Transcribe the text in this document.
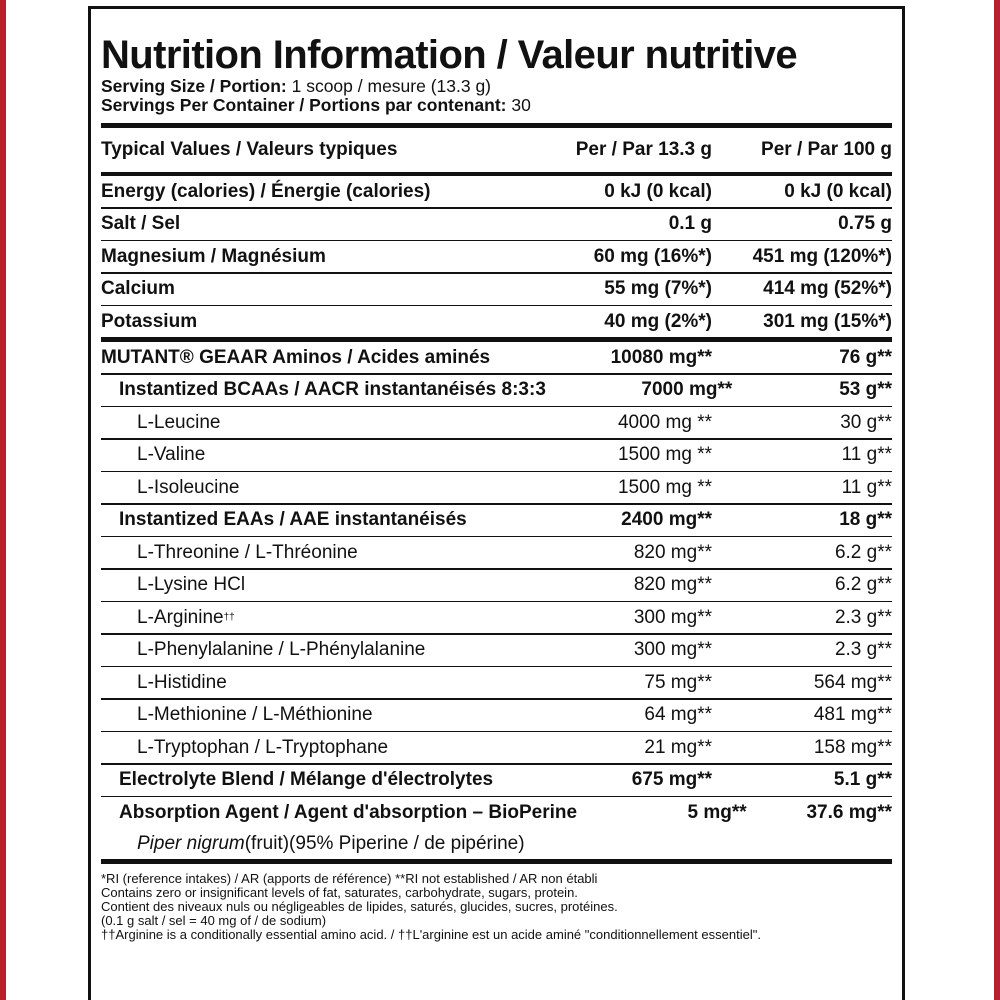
Nutrition Information / Valeur nutritive
Serving Size / Portion: 1 scoop / mesure (13.3 g)
Servings Per Container / Portions par contenant: 30
Typical Values / Valeurs typiques	Per / Par 13.3 g	Per / Par 100 g
Energy (calories) / Énergie (calories)	0 kJ (0 kcal)	0 kJ (0 kcal)
Salt / Sel	0.1 g	0.75 g
Magnesium / Magnésium	60 mg (16%*)	451 mg (120%*)
Calcium	55 mg (7%*)	414 mg (52%*)
Potassium	40 mg (2%*)	301 mg (15%*)
MUTANT® GEAAR Aminos / Acides aminés	10080 mg**	76 g**
Instantized BCAAs / AACR instantanéisés 8:3:3	7000 mg**	53 g**
L-Leucine	4000 mg **	30 g**
L-Valine	1500 mg **	11 g**
L-Isoleucine	1500 mg **	11 g**
Instantized EAAs / AAE instantanéisés	2400 mg**	18 g**
L-Threonine / L-Thréonine	820 mg**	6.2 g**
L-Lysine HCl	820 mg**	6.2 g**
L-Arginine ††	300 mg**	2.3 g**
L-Phenylalanine / L-Phénylalanine	300 mg**	2.3 g**
L-Histidine	75 mg**	564 mg**
L-Methionine / L-Méthionine	64 mg**	481 mg**
L-Tryptophan / L-Tryptophane	21 mg**	158 mg**
Electrolyte Blend / Mélange d'électrolytes	675 mg**	5.1 g**
Absorption Agent / Agent d'absorption – BioPerine	5 mg**	37.6 mg**
Piper nigrum(fruit)(95% Piperine / de pipérine)
*RI (reference intakes) / AR (apports de référence) **RI not established / AR non établi
Contains zero or insignificant levels of fat, saturates, carbohydrate, sugars, protein.
Contient des niveaux nuls ou négligeables de lipides, saturés, glucides, sucres, protéines.
(0.1 g salt / sel = 40 mg of / de sodium)
††Arginine is a conditionally essential amino acid. / ††L'arginine est un acide aminé "conditionnellement essentiel".
